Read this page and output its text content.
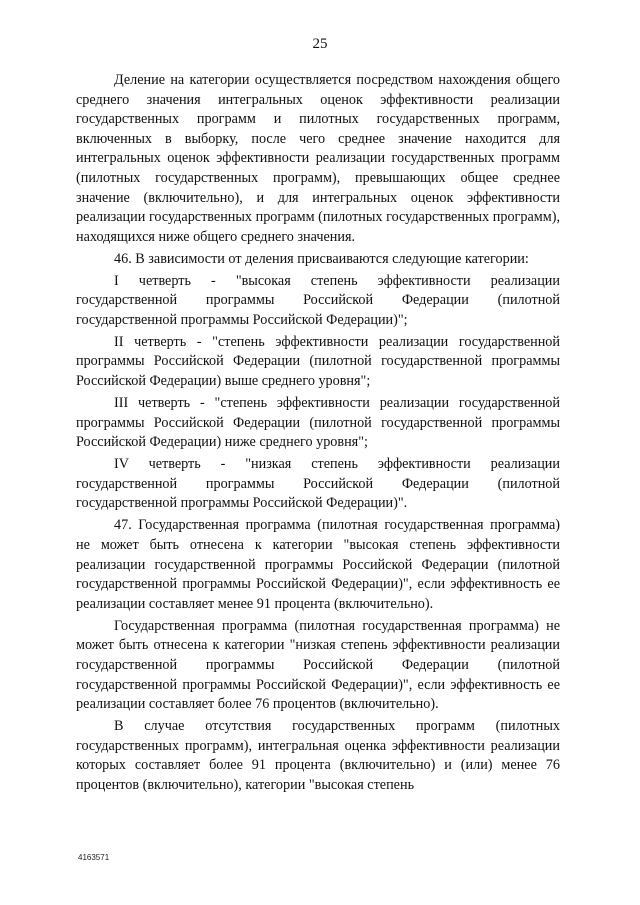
25

Деление на категории осуществляется посредством нахождения общего среднего значения интегральных оценок эффективности реализации государственных программ и пилотных государственных программ, включенных в выборку, после чего среднее значение находится для интегральных оценок эффективности реализации государственных программ (пилотных государственных программ), превышающих общее среднее значение (включительно), и для интегральных оценок эффективности реализации государственных программ (пилотных государственных программ), находящихся ниже общего среднего значения.

46. В зависимости от деления присваиваются следующие категории:

I четверть - "высокая степень эффективности реализации государственной программы Российской Федерации (пилотной государственной программы Российской Федерации)";

II четверть - "степень эффективности реализации государственной программы Российской Федерации (пилотной государственной программы Российской Федерации) выше среднего уровня";

III четверть - "степень эффективности реализации государственной программы Российской Федерации (пилотной государственной программы Российской Федерации) ниже среднего уровня";

IV четверть - "низкая степень эффективности реализации государственной программы Российской Федерации (пилотной государственной программы Российской Федерации)".

47. Государственная программа (пилотная государственная программа) не может быть отнесена к категории "высокая степень эффективности реализации государственной программы Российской Федерации (пилотной государственной программы Российской Федерации)", если эффективность ее реализации составляет менее 91 процента (включительно).

Государственная программа (пилотная государственная программа) не может быть отнесена к категории "низкая степень эффективности реализации государственной программы Российской Федерации (пилотной государственной программы Российской Федерации)", если эффективность ее реализации составляет более 76 процентов (включительно).

В случае отсутствия государственных программ (пилотных государственных программ), интегральная оценка эффективности реализации которых составляет более 91 процента (включительно) и (или) менее 76 процентов (включительно), категории "высокая степень

4163571
